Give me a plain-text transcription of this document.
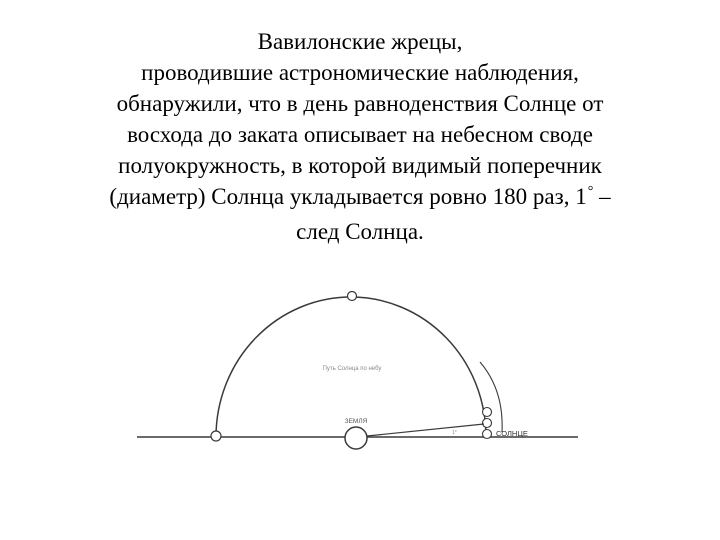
Вавилонские жрецы,
проводившие астрономические наблюдения,
обнаружили, что в день равноденствия Солнце от
восхода до заката описывает на небесном своде
полуокружность, в которой видимый поперечник
(диаметр) Солнца укладывается ровно 180 раз, 1° –
след Солнца.
Путь Солнца по небу
ЗЕМЛЯ
1°	СОЛНЦЕ
